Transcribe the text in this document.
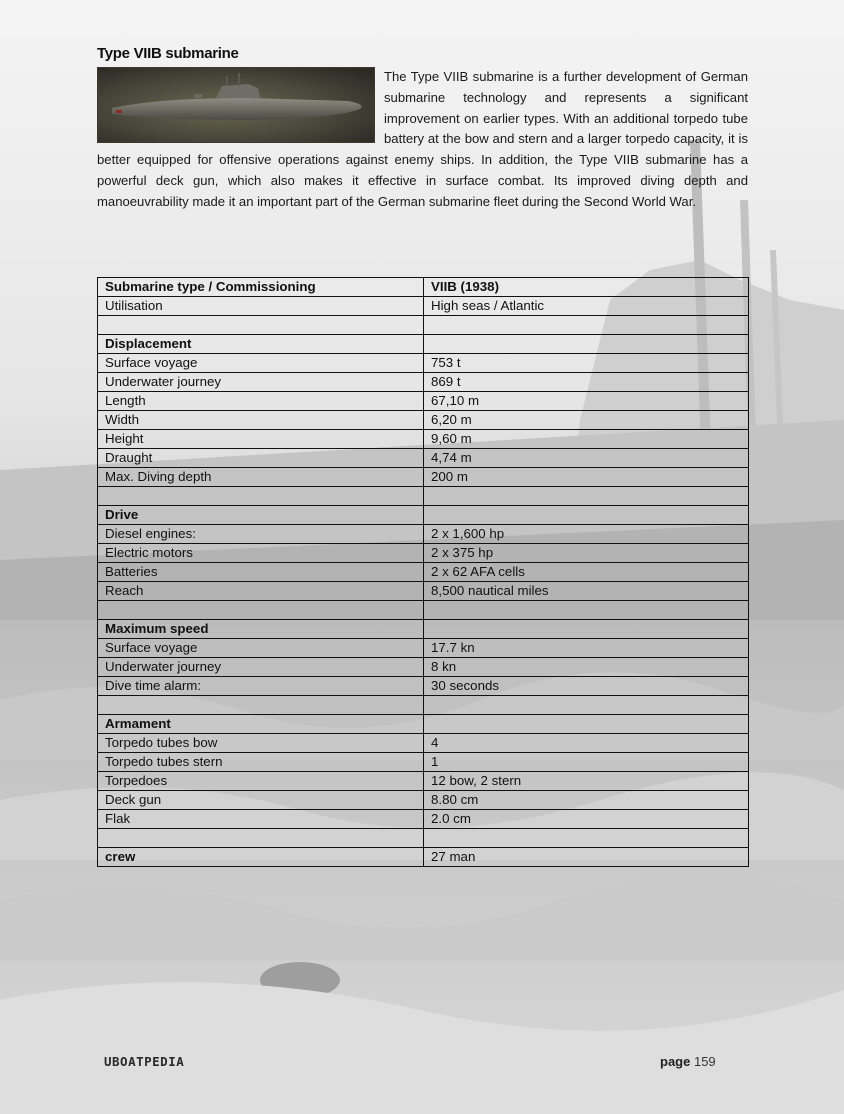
Type VIIB submarine
The Type VIIB submarine is a further development of German submarine technology and represents a significant improvement on earlier types. With an additional torpedo tube battery at the bow and stern and a larger torpedo capacity, it is better equipped for offensive operations against enemy ships. In addition, the Type VIIB submarine has a powerful deck gun, which also makes it effective in surface combat. Its improved diving depth and manoeuvrability made it an important part of the German submarine fleet during the Second World War.
Submarine type / Commissioning	VIIB (1938)
Utilisation	High seas / Atlantic

Displacement	
Surface voyage	753 t
Underwater journey	869 t
Length	67,10 m
Width	6,20 m
Height	9,60 m
Draught	4,74 m
Max. Diving depth	200 m

Drive	
Diesel engines:	2 x 1,600 hp
Electric motors	2 x 375 hp
Batteries	2 x 62 AFA cells
Reach	8,500 nautical miles

Maximum speed	
Surface voyage	17.7 kn
Underwater journey	8 kn
Dive time alarm:	30 seconds

Armament	
Torpedo tubes bow	4
Torpedo tubes stern	1
Torpedoes	12 bow, 2 stern
Deck gun	8.80 cm
Flak	2.0 cm

crew	27 man
UBOATPEDIA	page 159
